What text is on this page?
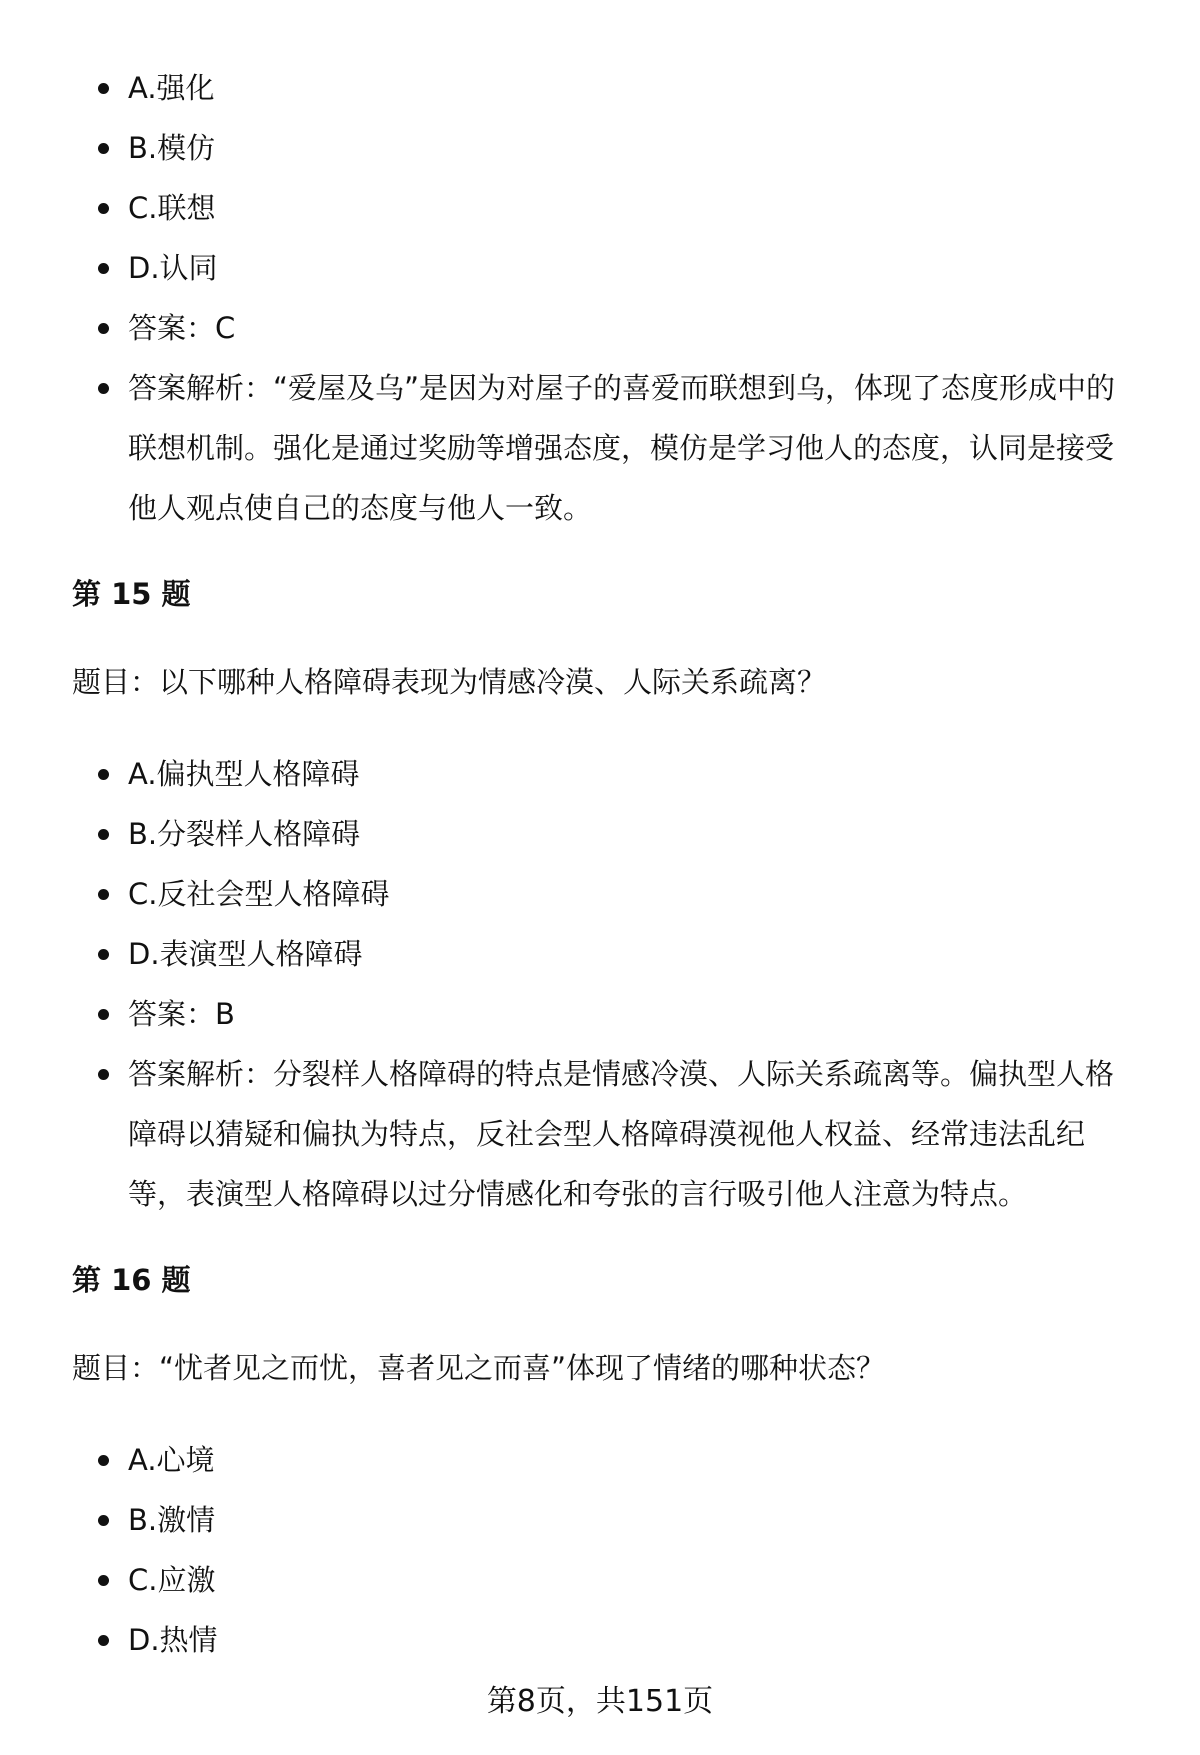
A.强化
B.模仿
C.联想
D.认同
答案：C
答案解析：“爱屋及乌”是因为对屋子的喜爱而联想到乌，体现了态度形成中的联想机制。强化是通过奖励等增强态度，模仿是学习他人的态度，认同是接受他人观点使自己的态度与他人一致。
第 15 题
题目：以下哪种人格障碍表现为情感冷漠、人际关系疏离？
A.偏执型人格障碍
B.分裂样人格障碍
C.反社会型人格障碍
D.表演型人格障碍
答案：B
答案解析：分裂样人格障碍的特点是情感冷漠、人际关系疏离等。偏执型人格障碍以猜疑和偏执为特点，反社会型人格障碍漠视他人权益、经常违法乱纪等，表演型人格障碍以过分情感化和夸张的言行吸引他人注意为特点。
第 16 题
题目：“忧者见之而忧，喜者见之而喜”体现了情绪的哪种状态？
A.心境
B.激情
C.应激
D.热情
第8页，共151页
